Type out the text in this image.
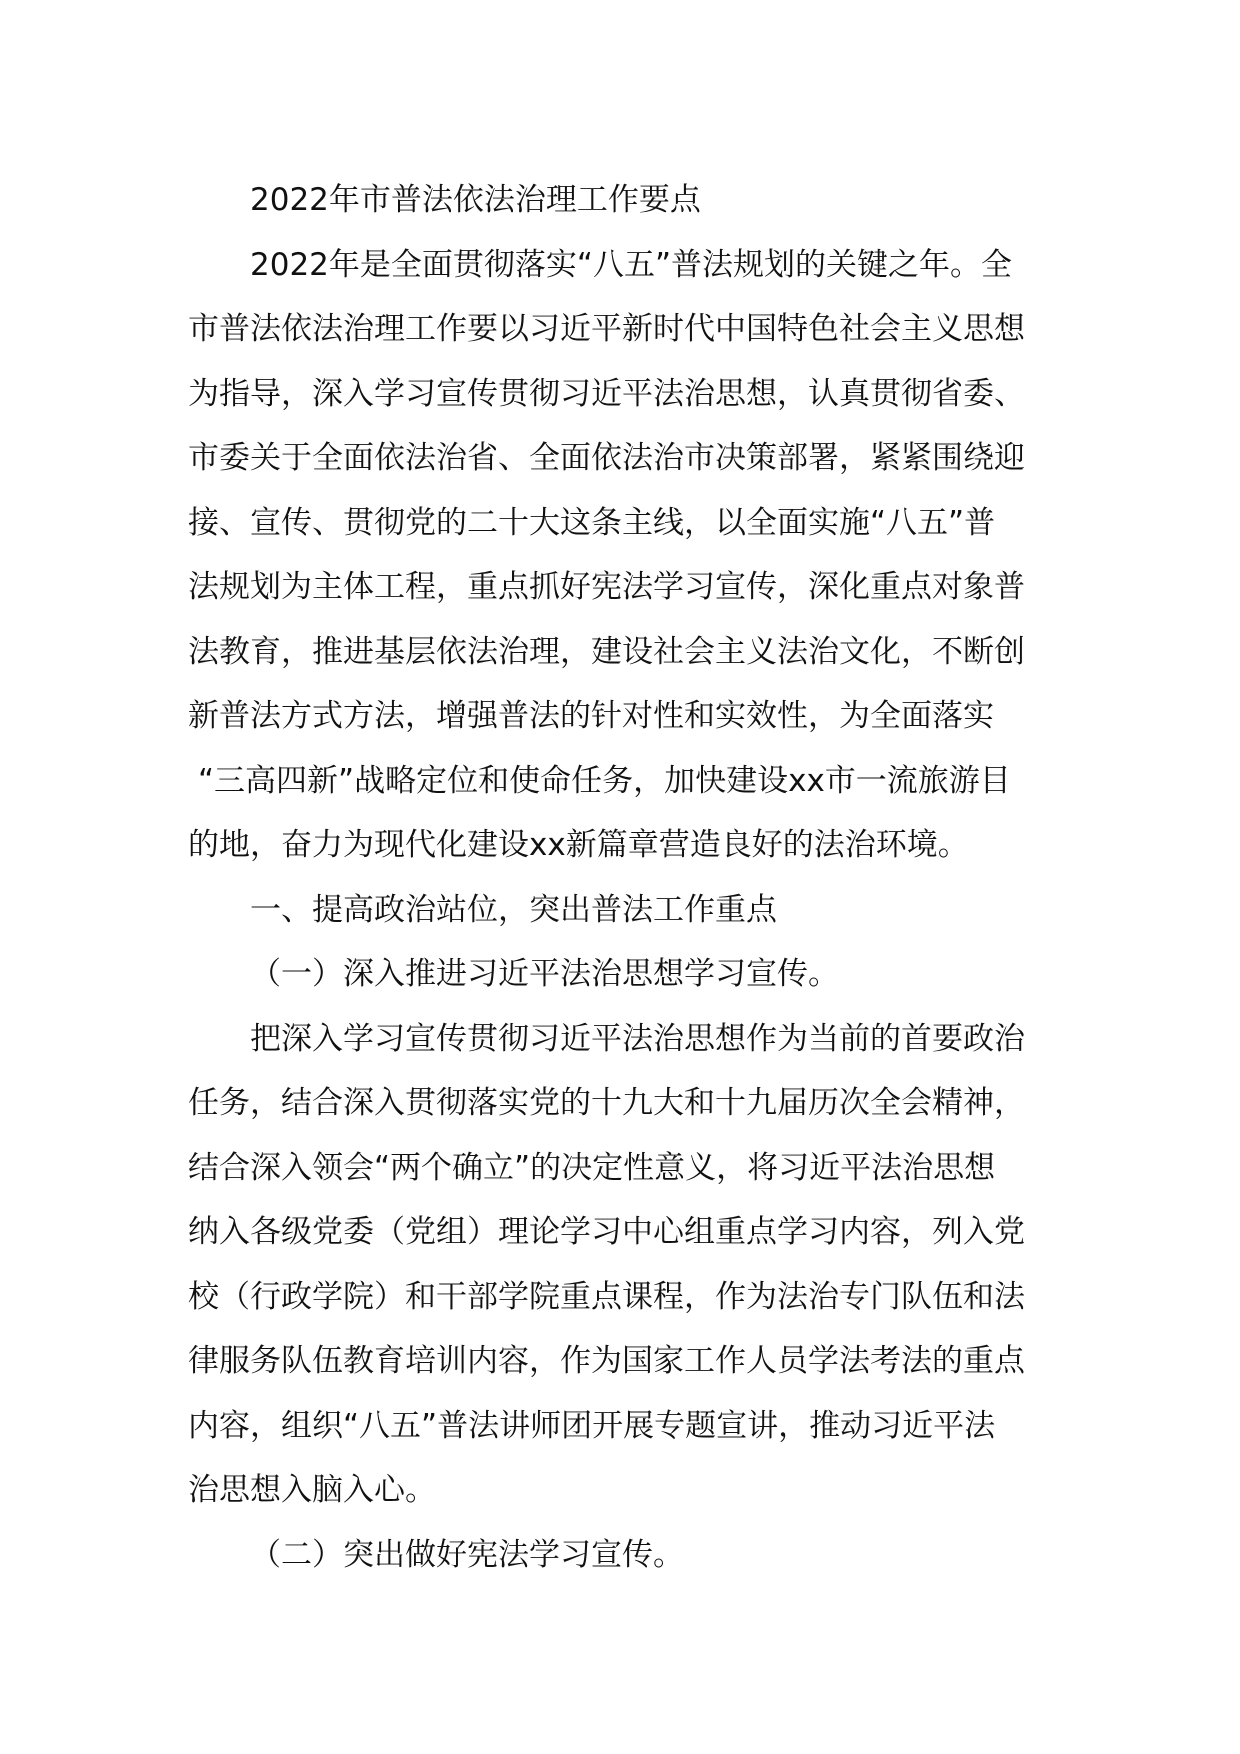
2022年市普法依法治理工作要点
2022年是全面贯彻落实“八五”普法规划的关键之年。全
市普法依法治理工作要以习近平新时代中国特色社会主义思想
为指导，深入学习宣传贯彻习近平法治思想，认真贯彻省委、
市委关于全面依法治省、全面依法治市决策部署，紧紧围绕迎
接、宣传、贯彻党的二十大这条主线，以全面实施“八五”普
法规划为主体工程，重点抓好宪法学习宣传，深化重点对象普
法教育，推进基层依法治理，建设社会主义法治文化，不断创
新普法方式方法，增强普法的针对性和实效性，为全面落实
“三高四新”战略定位和使命任务，加快建设xx市一流旅游目
的地，奋力为现代化建设xx新篇章营造良好的法治环境。
一、提高政治站位，突出普法工作重点
（一）深入推进习近平法治思想学习宣传。
把深入学习宣传贯彻习近平法治思想作为当前的首要政治
任务，结合深入贯彻落实党的十九大和十九届历次全会精神，
结合深入领会“两个确立”的决定性意义，将习近平法治思想
纳入各级党委（党组）理论学习中心组重点学习内容，列入党
校（行政学院）和干部学院重点课程，作为法治专门队伍和法
律服务队伍教育培训内容，作为国家工作人员学法考法的重点
内容，组织“八五”普法讲师团开展专题宣讲，推动习近平法
治思想入脑入心。
（二）突出做好宪法学习宣传。
